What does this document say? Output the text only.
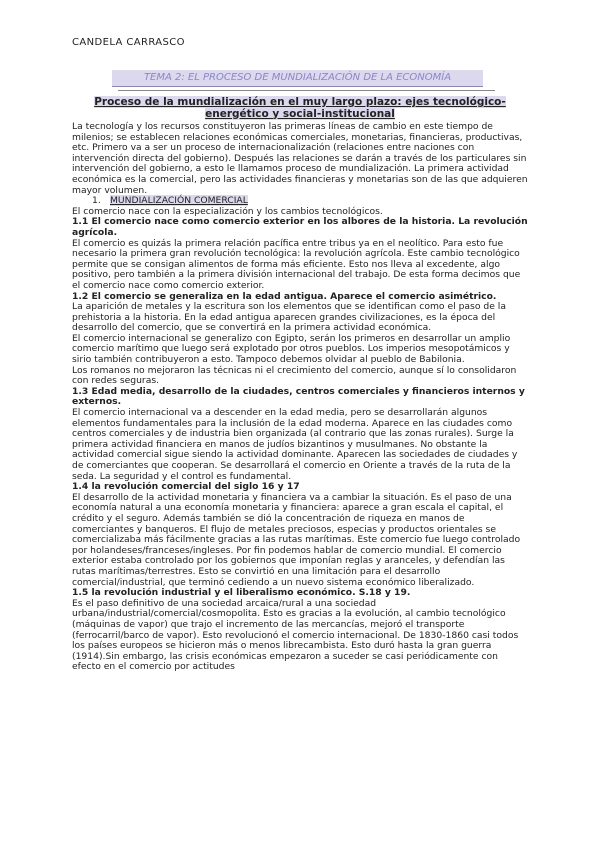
CANDELA CARRASCO
TEMA 2: EL PROCESO DE MUNDIALIZACIÓN DE LA ECONOMÍA
Proceso de la mundialización en el muy largo plazo: ejes tecnológico-energético y social-institucional

La tecnología y los recursos constituyeron las primeras líneas de cambio en este tiempo de milenios; se establecen relaciones económicas comerciales, monetarias, financieras, productivas, etc. Primero va a ser un proceso de internacionalización (relaciones entre naciones con intervención directa del gobierno). Después las relaciones se darán a través de los particulares sin intervención del gobierno, a esto le llamamos proceso de mundialización. La primera actividad económica es la comercial, pero las actividades financieras y monetarias son de las que adquieren mayor volumen.

1. MUNDIALIZACIÓN COMERCIAL

El comercio nace con la especialización y los cambios tecnológicos.

1.1 El comercio nace como comercio exterior en los albores de la historia. La revolución agrícola.

El comercio es quizás la primera relación pacífica entre tribus ya en el neolítico. Para esto fue necesario la primera gran revolución tecnológica: la revolución agrícola. Este cambio tecnológico permite que se consigan alimentos de forma más eficiente. Esto nos lleva al excedente, algo positivo, pero también a la primera división internacional del trabajo. De esta forma decimos que el comercio nace como comercio exterior.

1.2 El comercio se generaliza en la edad antigua. Aparece el comercio asimétrico.

La aparición de metales y la escritura son los elementos que se identifican como el paso de la prehistoria a la historia. En la edad antigua aparecen grandes civilizaciones, es la época del desarrollo del comercio, que se convertirá en la primera actividad económica.

El comercio internacional se generalizo con Egipto, serán los primeros en desarrollar un amplio comercio marítimo que luego será explotado por otros pueblos. Los imperios mesopotámicos y sirio también contribuyeron a esto. Tampoco debemos olvidar al pueblo de Babilonia.

Los romanos no mejoraron las técnicas ni el crecimiento del comercio, aunque sí lo consolidaron con redes seguras.

1.3 Edad media, desarrollo de la ciudades, centros comerciales y financieros internos y externos.

El comercio internacional va a descender en la edad media, pero se desarrollarán algunos elementos fundamentales para la inclusión de la edad moderna. Aparece en las ciudades como centros comerciales y de industria bien organizada (al contrario que las zonas rurales). Surge la primera actividad financiera en manos de judíos bizantinos y musulmanes. No obstante la actividad comercial sigue siendo la actividad dominante. Aparecen las sociedades de ciudades y de comerciantes que cooperan. Se desarrollará el comercio en Oriente a través de la ruta de la seda. La seguridad y el control es fundamental.

1.4 la revolución comercial del siglo 16 y 17

El desarrollo de la actividad monetaria y financiera va a cambiar la situación. Es el paso de una economía natural a una economía monetaria y financiera: aparece a gran escala el capital, el crédito y el seguro. Además también se dió la concentración de riqueza en manos de comerciantes y banqueros. El flujo de metales preciosos, especias y productos orientales se comercializaba más fácilmente gracias a las rutas marítimas. Este comercio fue luego controlado por holandeses/franceses/ingleses. Por fin podemos hablar de comercio mundial. El comercio exterior estaba controlado por los gobiernos que imponían reglas y aranceles, y defendían las rutas marítimas/terrestres. Esto se convirtió en una limitación para el desarrollo comercial/industrial, que terminó cediendo a un nuevo sistema económico liberalizado.

1.5 la revolución industrial y el liberalismo económico. S.18 y 19.

Es el paso definitivo de una sociedad arcaica/rural a una sociedad urbana/industrial/comercial/cosmopolita. Esto es gracias a la evolución, al cambio tecnológico (máquinas de vapor) que trajo el incremento de las mercancías, mejoró el transporte (ferrocarril/barco de vapor). Esto revolucionó el comercio internacional. De 1830-1860 casi todos los países europeos se hicieron más o menos librecambista. Esto duró hasta la gran guerra (1914).Sin embargo, las crisis económicas empezaron a suceder se casi periódicamente con efecto en el comercio por actitudes
